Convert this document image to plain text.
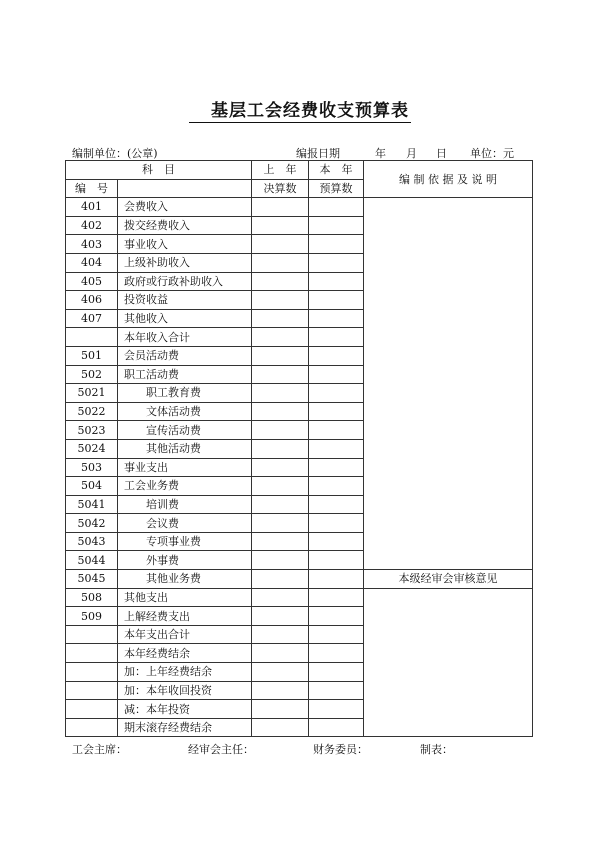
基层工会经费收支预算表
编制单位：(公章)	编报日期	年 月 日 单位：元
科　目		上　年	本　年	编 制 依 据 及 说 明
编　号		决算数	预算数	
401	会费收入			
402	拨交经费收入			
403	事业收入			
404	上级补助收入			
405	政府或行政补助收入			
406	投资收益			
407	其他收入			
	本年收入合计			
501	会员活动费			
502	职工活动费			
5021	职工教育费			
5022	文体活动费			
5023	宣传活动费			
5024	其他活动费			
503	事业支出			
504	工会业务费			
5041	培训费			
5042	会议费			
5043	专项事业费			
5044	外事费			
5045	其他业务费			本级经审会审核意见
508	其他支出			
509	上解经费支出			
	本年支出合计			
	本年经费结余			
	加：上年经费结余			
	加：本年收回投资			
	减：本年投资			
	期末滚存经费结余			
工会主席：	经审会主任：	财务委员：	制表：
